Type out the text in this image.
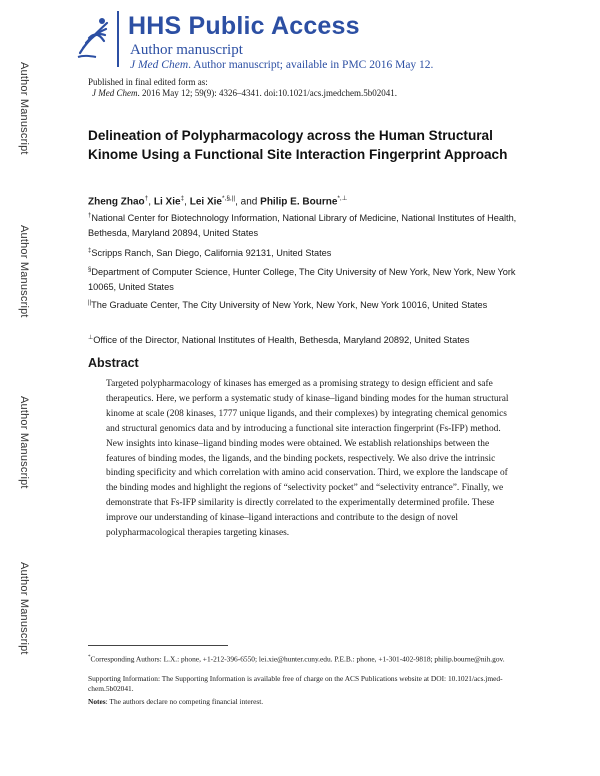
Author Manuscript
Author Manuscript
Author Manuscript
Author Manuscript
HHS Public Access
Author manuscript
J Med Chem. Author manuscript; available in PMC 2016 May 12.
Published in final edited form as:
J Med Chem. 2016 May 12; 59(9): 4326–4341. doi:10.1021/acs.jmedchem.5b02041.
Delineation of Polypharmacology across the Human Structural Kinome Using a Functional Site Interaction Fingerprint Approach
Zheng Zhao†, Li Xie‡, Lei Xie*,§,||, and Philip E. Bourne*,⊥
†National Center for Biotechnology Information, National Library of Medicine, National Institutes of Health, Bethesda, Maryland 20894, United States
‡Scripps Ranch, San Diego, California 92131, United States
§Department of Computer Science, Hunter College, The City University of New York, New York, New York 10065, United States
||The Graduate Center, The City University of New York, New York, New York 10016, United States
⊥Office of the Director, National Institutes of Health, Bethesda, Maryland 20892, United States
Abstract
Targeted polypharmacology of kinases has emerged as a promising strategy to design efficient and safe therapeutics. Here, we perform a systematic study of kinase–ligand binding modes for the human structural kinome at scale (208 kinases, 1777 unique ligands, and their complexes) by integrating chemical genomics and structural genomics data and by introducing a functional site interaction fingerprint (Fs-IFP) method. New insights into kinase–ligand binding modes were obtained. We establish relationships between the features of binding modes, the ligands, and the binding pockets, respectively. We also drive the intrinsic binding specificity and which correlation with amino acid conservation. Third, we explore the landscape of the binding modes and highlight the regions of “selectivity pocket” and “selectivity entrance”. Finally, we demonstrate that Fs-IFP similarity is directly correlated to the experimentally determined profile. These improve our understanding of kinase–ligand interactions and contribute to the design of novel polypharmacological therapies targeting kinases.
*Corresponding Authors: L.X.: phone, +1-212-396-6550; lei.xie@hunter.cuny.edu. P.E.B.: phone, +1-301-402-9818; philip.bourne@nih.gov.
Supporting Information: The Supporting Information is available free of charge on the ACS Publications website at DOI: 10.1021/acs.jmed-chem.5b02041.
Notes: The authors declare no competing financial interest.
